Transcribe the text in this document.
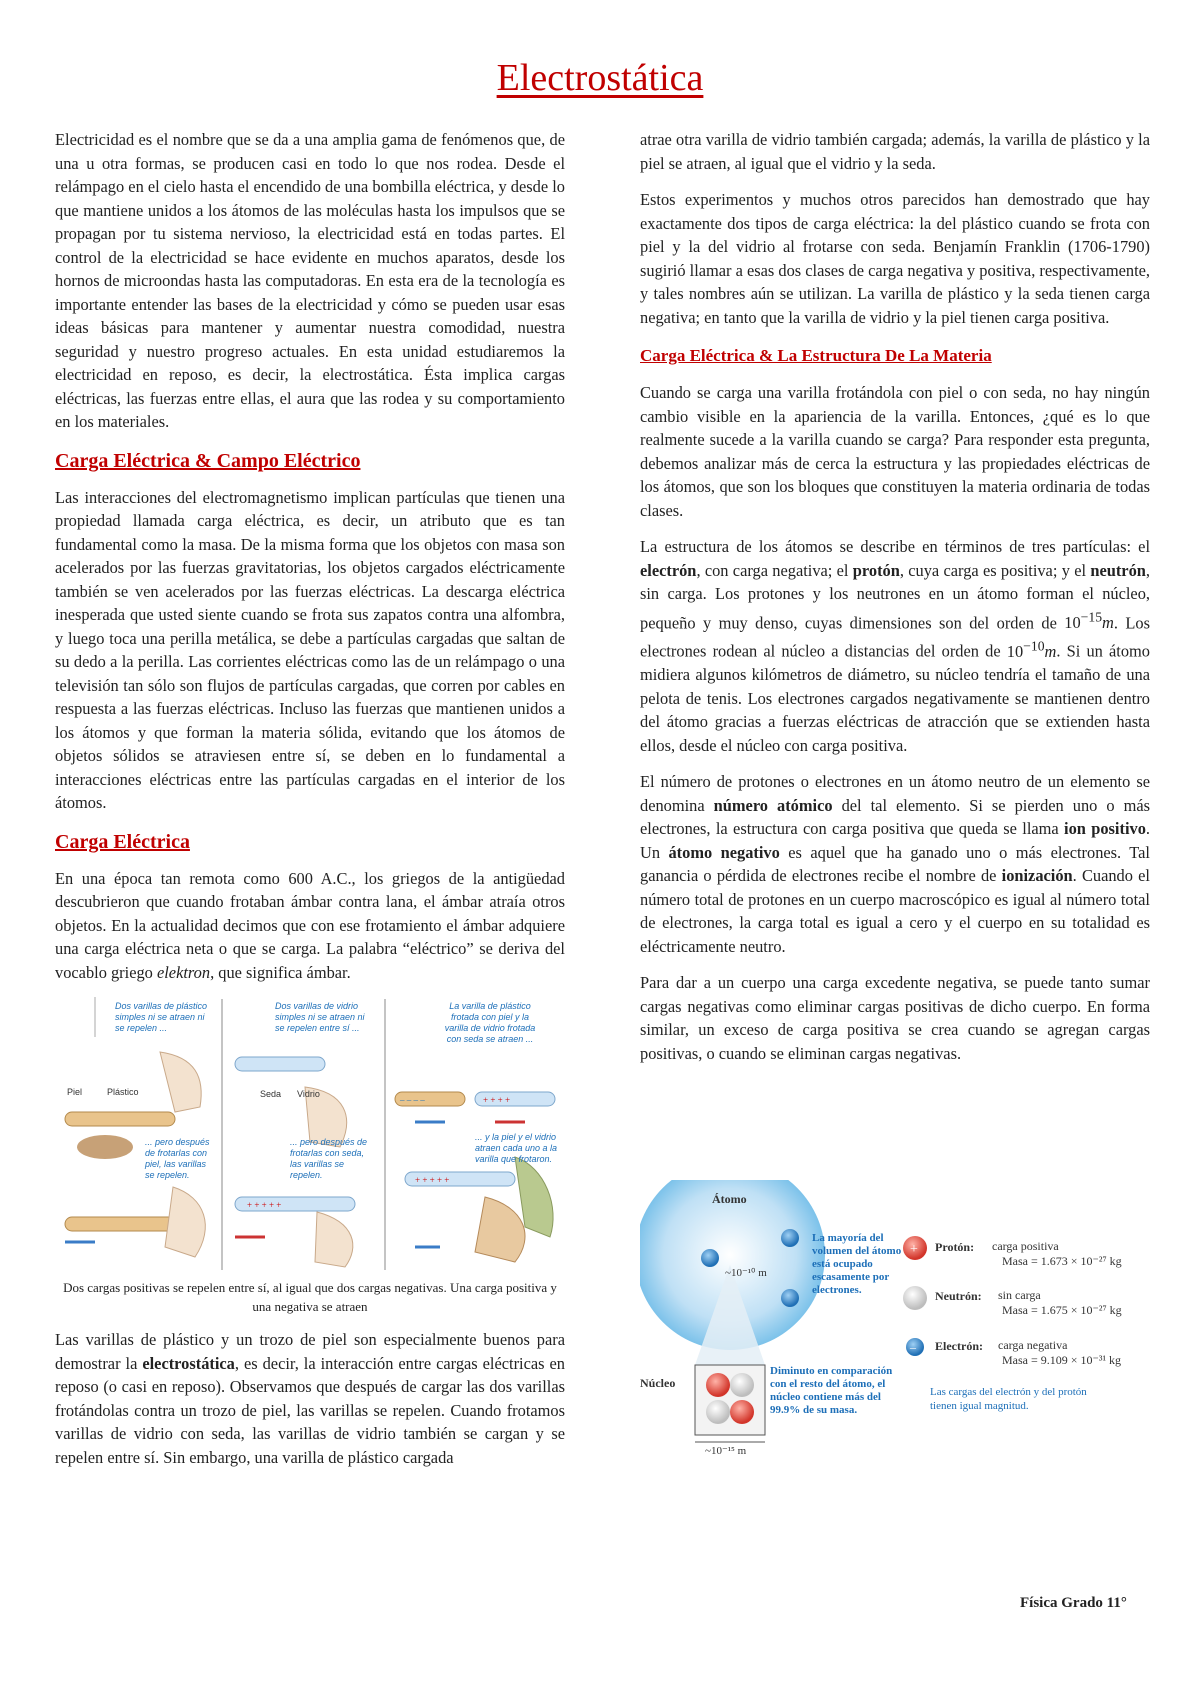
Electrostática

Electricidad es el nombre que se da a una amplia gama de fenómenos que, de una u otra formas, se producen casi en todo lo que nos rodea. Desde el relámpago en el cielo hasta el encendido de una bombilla eléctrica, y desde lo que mantiene unidos a los átomos de las moléculas hasta los impulsos que se propagan por tu sistema nervioso, la electricidad está en todas partes. El control de la electricidad se hace evidente en muchos aparatos, desde los hornos de microondas hasta las computadoras. En esta era de la tecnología es importante entender las bases de la electricidad y cómo se pueden usar esas ideas básicas para mantener y aumentar nuestra comodidad, nuestra seguridad y nuestro progreso actuales. En esta unidad estudiaremos la electricidad en reposo, es decir, la electrostática. Ésta implica cargas eléctricas, las fuerzas entre ellas, el aura que las rodea y su comportamiento en los materiales.

Carga Eléctrica & Campo Eléctrico

Las interacciones del electromagnetismo implican partículas que tienen una propiedad llamada carga eléctrica, es decir, un atributo que es tan fundamental como la masa. De la misma forma que los objetos con masa son acelerados por las fuerzas gravitatorias, los objetos cargados eléctricamente también se ven acelerados por las fuerzas eléctricas. La descarga eléctrica inesperada que usted siente cuando se frota sus zapatos contra una alfombra, y luego toca una perilla metálica, se debe a partículas cargadas que saltan de su dedo a la perilla. Las corrientes eléctricas como las de un relámpago o una televisión tan sólo son flujos de partículas cargadas, que corren por cables en respuesta a las fuerzas eléctricas. Incluso las fuerzas que mantienen unidos a los átomos y que forman la materia sólida, evitando que los átomos de objetos sólidos se atraviesen entre sí, se deben en lo fundamental a interacciones eléctricas entre las partículas cargadas en el interior de los átomos.

Carga Eléctrica

En una época tan remota como 600 A.C., los griegos de la antigüedad descubrieron que cuando frotaban ámbar contra lana, el ámbar atraía otros objetos. En la actualidad decimos que con ese frotamiento el ámbar adquiere una carga eléctrica neta o que se carga. La palabra “eléctrico” se deriva del vocablo griego elektron, que significa ámbar.

+ + + + +
– – – –	+ + + +
+ + + + +
Dos varillas de plástico simples ni se atraen ni se repelen ...
Piel	Plástico
... pero después de frotarlas con piel, las varillas se repelen.
Dos varillas de vidrio simples ni se atraen ni se repelen entre sí ...
Seda Vidrio
... pero después de frotarlas con seda, las varillas se repelen.
La varilla de plástico frotada con piel y la varilla de vidrio frotada con seda se atraen ...
... y la piel y el vidrio atraen cada uno a la varilla que frotaron.
Dos cargas positivas se repelen entre sí, al igual que dos cargas negativas. Una carga positiva y una negativa se atraen

Las varillas de plástico y un trozo de piel son especialmente buenos para demostrar la electrostática, es decir, la interacción entre cargas eléctricas en reposo (o casi en reposo). Observamos que después de cargar las dos varillas frotándolas contra un trozo de piel, las varillas se repelen. Cuando frotamos varillas de vidrio con seda, las varillas de vidrio también se cargan y se repelen entre sí. Sin embargo, una varilla de plástico cargada

atrae otra varilla de vidrio también cargada; además, la varilla de plástico y la piel se atraen, al igual que el vidrio y la seda.

Estos experimentos y muchos otros parecidos han demostrado que hay exactamente dos tipos de carga eléctrica: la del plástico cuando se frota con piel y la del vidrio al frotarse con seda. Benjamín Franklin (1706-1790) sugirió llamar a esas dos clases de carga negativa y positiva, respectivamente, y tales nombres aún se utilizan. La varilla de plástico y la seda tienen carga negativa; en tanto que la varilla de vidrio y la piel tienen carga positiva.

Carga Eléctrica & La Estructura De La Materia

Cuando se carga una varilla frotándola con piel o con seda, no hay ningún cambio visible en la apariencia de la varilla. Entonces, ¿qué es lo que realmente sucede a la varilla cuando se carga? Para responder esta pregunta, debemos analizar más de cerca la estructura y las propiedades eléctricas de los átomos, que son los bloques que constituyen la materia ordinaria de todas clases.

La estructura de los átomos se describe en términos de tres partículas: el electrón, con carga negativa; el protón, cuya carga es positiva; y el neutrón, sin carga. Los protones y los neutrones en un átomo forman el núcleo, pequeño y muy denso, cuyas dimensiones son del orden de $10^{-15}m$. Los electrones rodean al núcleo a distancias del orden de $10^{-10}m$. Si un átomo midiera algunos kilómetros de diámetro, su núcleo tendría el tamaño de una pelota de tenis. Los electrones cargados negativamente se mantienen dentro del átomo gracias a fuerzas eléctricas de atracción que se extienden hasta ellos, desde el núcleo con carga positiva.

El número de protones o electrones en un átomo neutro de un elemento se denomina número atómico del tal elemento. Si se pierden uno o más electrones, la estructura con carga positiva que queda se llama ion positivo. Un átomo negativo es aquel que ha ganado uno o más electrones. Tal ganancia o pérdida de electrones recibe el nombre de ionización. Cuando el número total de protones en un cuerpo macroscópico es igual al número total de electrones, la carga total es igual a cero y el cuerpo en su totalidad es eléctricamente neutro.

Para dar a un cuerpo una carga excedente negativa, se puede tanto sumar cargas negativas como eliminar cargas positivas de dicho cuerpo. En forma similar, un exceso de carga positiva se crea cuando se agregan cargas positivas, o cuando se eliminan cargas negativas.

+
–
Átomo
~10⁻¹⁰ m
La mayoría del volumen del átomo está ocupado escasamente por electrones.
Núcleo
Diminuto en comparación con el resto del átomo, el núcleo contiene más del 99.9% de su masa.
~10⁻¹⁵ m
Protón: carga positiva
Masa = 1.673 × 10⁻²⁷ kg
Neutrón: sin carga
Masa = 1.675 × 10⁻²⁷ kg
Electrón: carga negativa
Masa = 9.109 × 10⁻³¹ kg
Las cargas del electrón y del protón tienen igual magnitud.
Física Grado 11°
